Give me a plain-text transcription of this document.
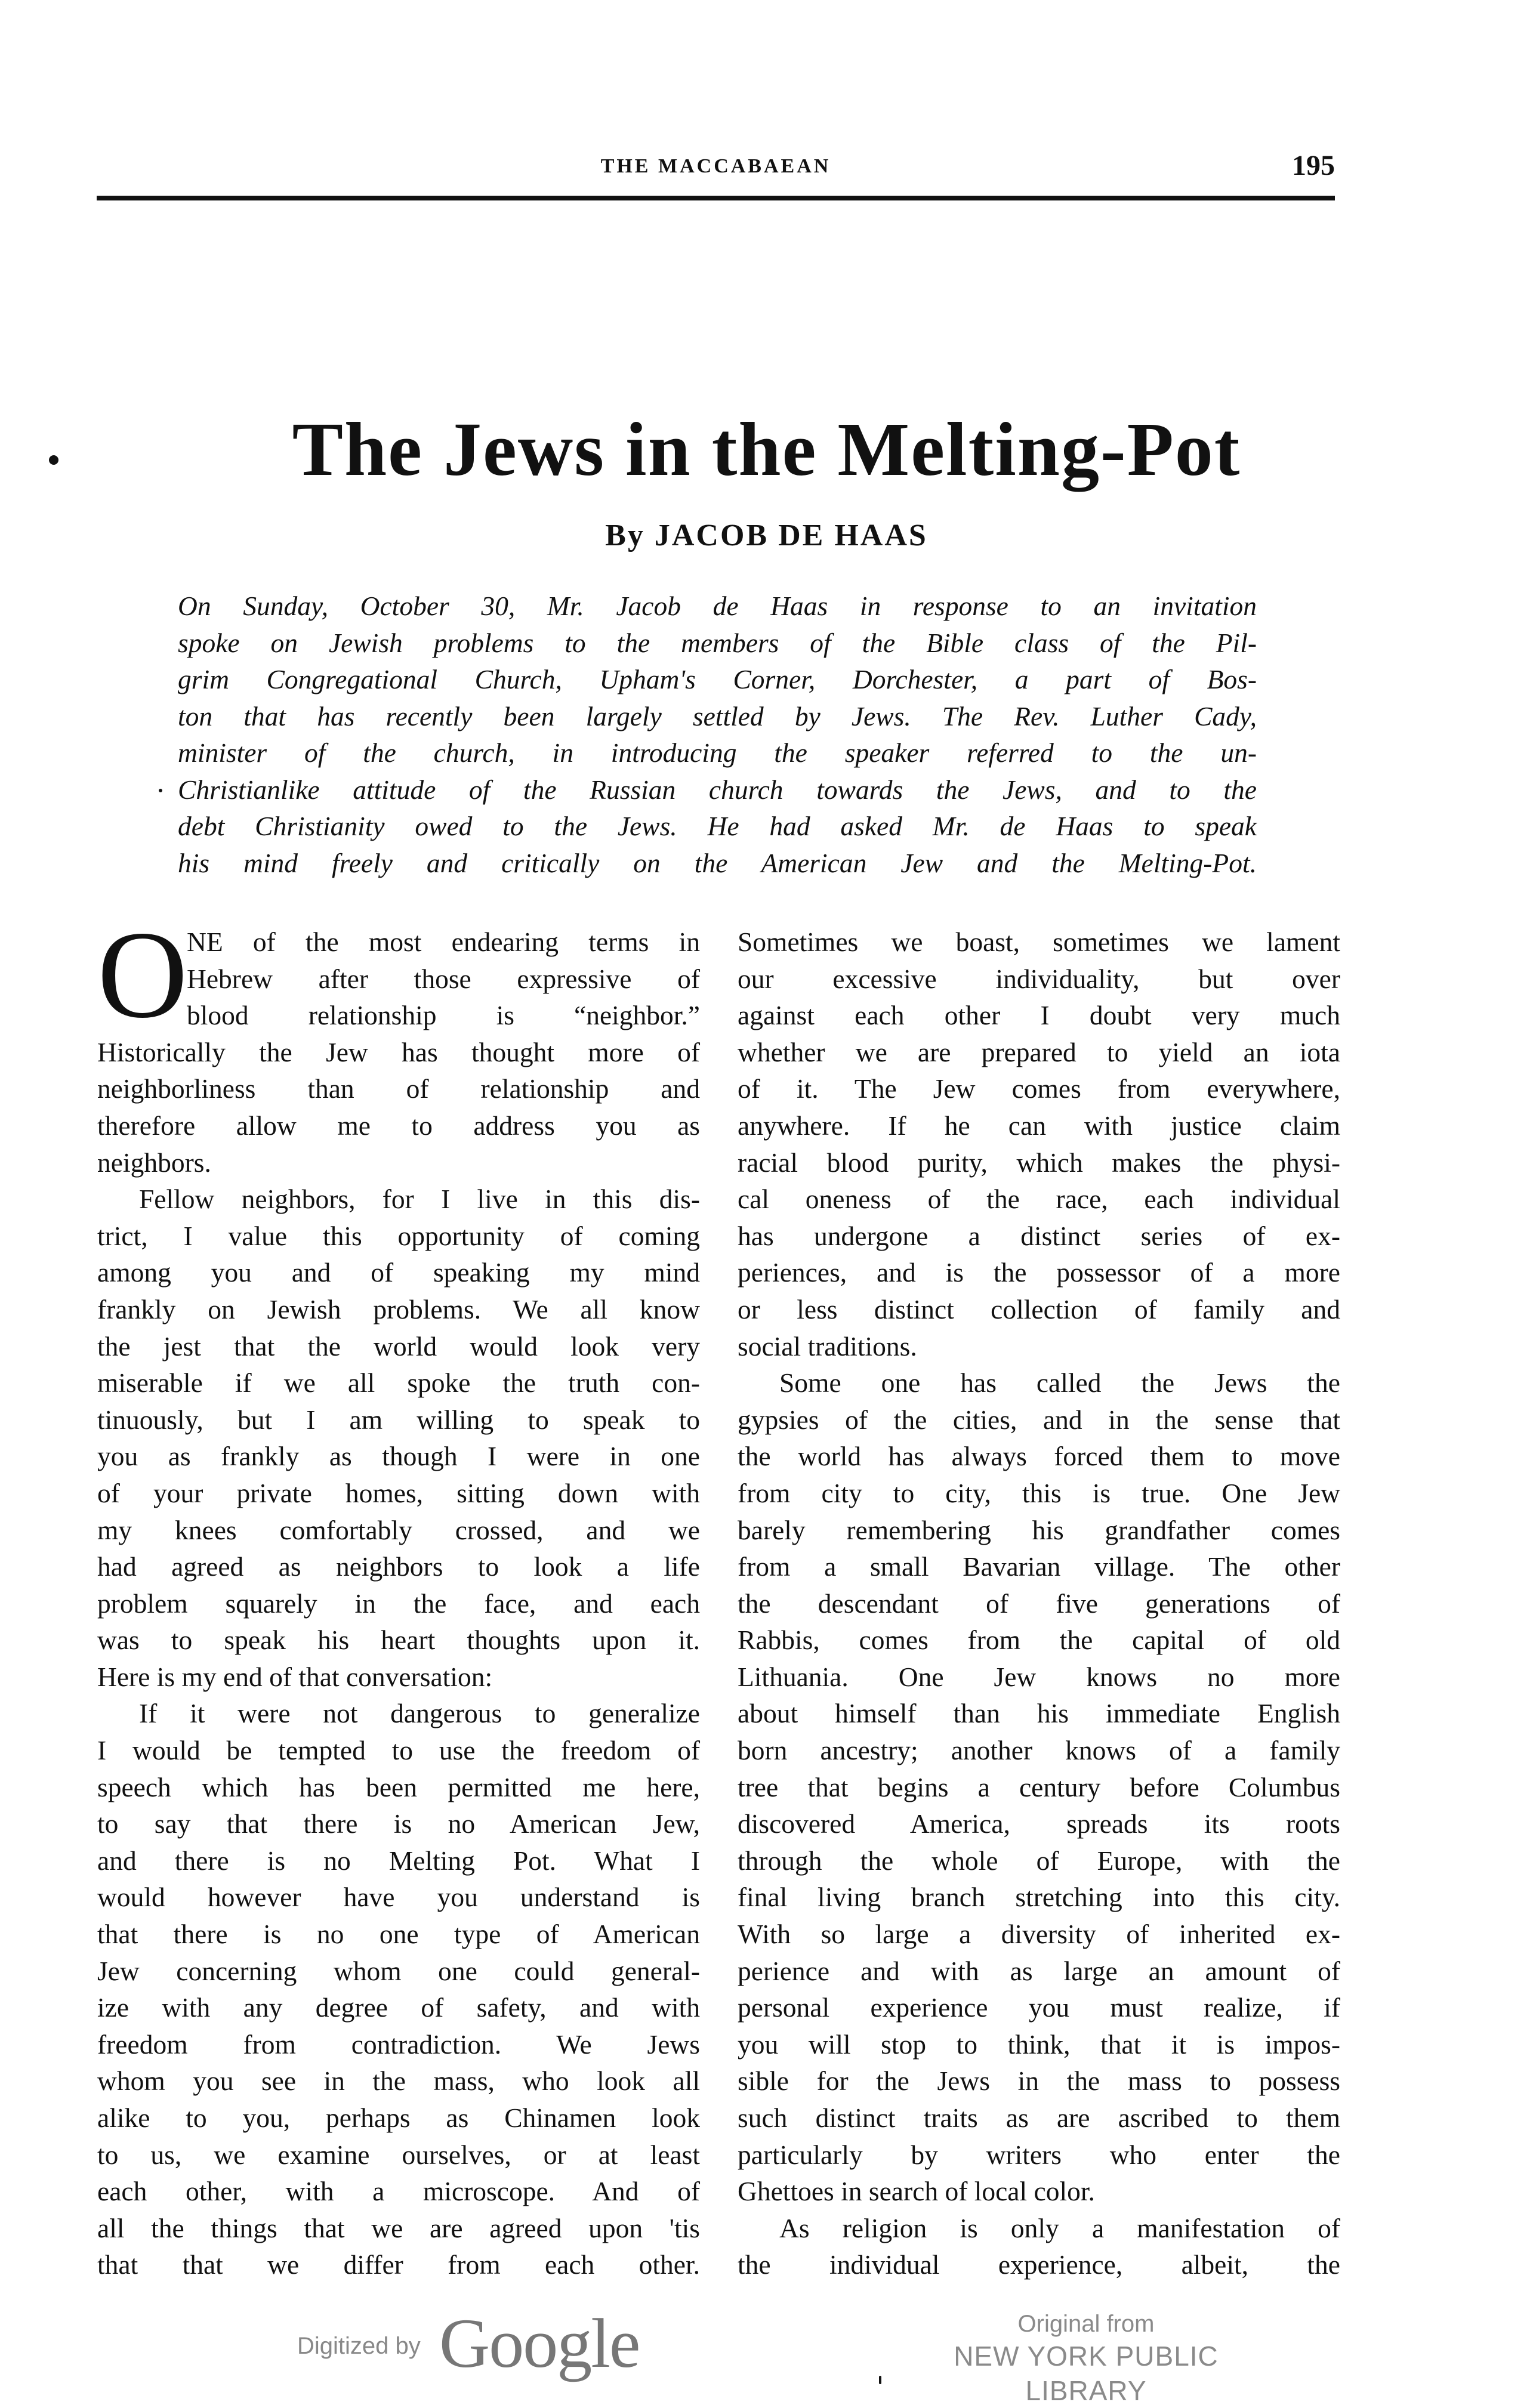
THE MACCABAEAN	195
The Jews in the Melting-Pot
By JACOB DE HAAS
On Sunday, October 30, Mr. Jacob de Haas in response to an invitation
spoke on Jewish problems to the members of the Bible class of the Pil-
grim Congregational Church, Upham's Corner, Dorchester, a part of Bos-
ton that has recently been largely settled by Jews. The Rev. Luther Cady,
minister of the church, in introducing the speaker referred to the un-
Christianlike attitude of the Russian church towards the Jews, and to the
debt Christianity owed to the Jews. He had asked Mr. de Haas to speak
his mind freely and critically on the American Jew and the Melting-Pot.
O
NE of the most endearing terms in
Hebrew after those expressive of
blood relationship is “neighbor.”
Historically the Jew has thought more of
neighborliness than of relationship and
therefore allow me to address you as
neighbors.
Fellow neighbors, for I live in this dis-
trict, I value this opportunity of coming
among you and of speaking my mind
frankly on Jewish problems. We all know
the jest that the world would look very
miserable if we all spoke the truth con-
tinuously, but I am willing to speak to
you as frankly as though I were in one
of your private homes, sitting down with
my knees comfortably crossed, and we
had agreed as neighbors to look a life
problem squarely in the face, and each
was to speak his heart thoughts upon it.
Here is my end of that conversation:
If it were not dangerous to generalize
I would be tempted to use the freedom of
speech which has been permitted me here,
to say that there is no American Jew,
and there is no Melting Pot. What I
would however have you understand is
that there is no one type of American
Jew concerning whom one could general-
ize with any degree of safety, and with
freedom from contradiction. We Jews
whom you see in the mass, who look all
alike to you, perhaps as Chinamen look
to us, we examine ourselves, or at least
each other, with a microscope. And of
all the things that we are agreed upon 'tis
that that we differ from each other.
Sometimes we boast, sometimes we lament
our excessive individuality, but over
against each other I doubt very much
whether we are prepared to yield an iota
of it. The Jew comes from everywhere,
anywhere. If he can with justice claim
racial blood purity, which makes the physi-
cal oneness of the race, each individual
has undergone a distinct series of ex-
periences, and is the possessor of a more
or less distinct collection of family and
social traditions.
Some one has called the Jews the
gypsies of the cities, and in the sense that
the world has always forced them to move
from city to city, this is true. One Jew
barely remembering his grandfather comes
from a small Bavarian village. The other
the descendant of five generations of
Rabbis, comes from the capital of old
Lithuania. One Jew knows no more
about himself than his immediate English
born ancestry; another knows of a family
tree that begins a century before Columbus
discovered America, spreads its roots
through the whole of Europe, with the
final living branch stretching into this city.
With so large a diversity of inherited ex-
perience and with as large an amount of
personal experience you must realize, if
you will stop to think, that it is impos-
sible for the Jews in the mass to possess
such distinct traits as are ascribed to them
particularly by writers who enter the
Ghettoes in search of local color.
As religion is only a manifestation of
the individual experience, albeit, the
Digitized by Google	Original from
NEW YORK PUBLIC LIBRARY
